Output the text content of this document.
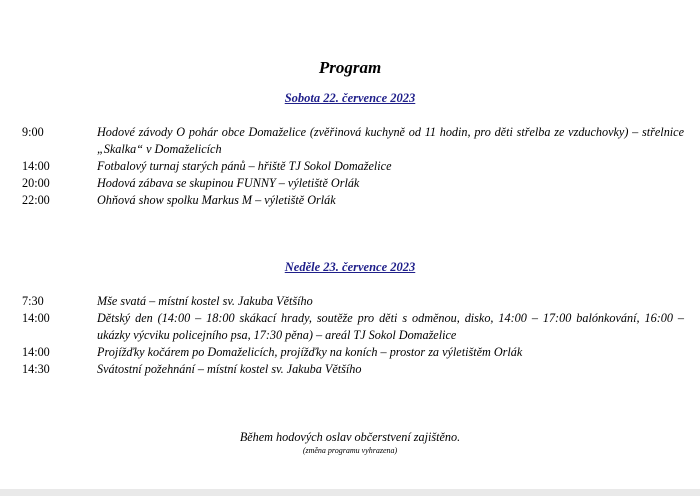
Program
Sobota 22. července 2023
9:00	Hodové závody O pohár obce Domaželice (zvěřinová kuchyně od 11 hodin, pro děti střelba ze vzduchovky) – střelnice „Skalka“ v Domaželicích
14:00	Fotbalový turnaj starých pánů – hřiště TJ Sokol Domaželice
20:00	Hodová zábava se skupinou FUNNY – výletiště Orlák
22:00	Ohňová show spolku Markus M – výletiště Orlák
Neděle 23. července 2023
7:30	Mše svatá – místní kostel sv. Jakuba Většího
14:00	Dětský den (14:00 – 18:00 skákací hrady, soutěže pro děti s odměnou, disko, 14:00 – 17:00 balónkování, 16:00 – ukázky výcviku policejního psa, 17:30 pěna) – areál TJ Sokol Domaželice
14:00	Projížďky kočárem po Domaželicích, projížďky na koních – prostor za výletištěm Orlák
14:30	Svátostní požehnání – místní kostel sv. Jakuba Většího
Během hodových oslav občerstvení zajištěno.
(změna programu vyhrazena)
